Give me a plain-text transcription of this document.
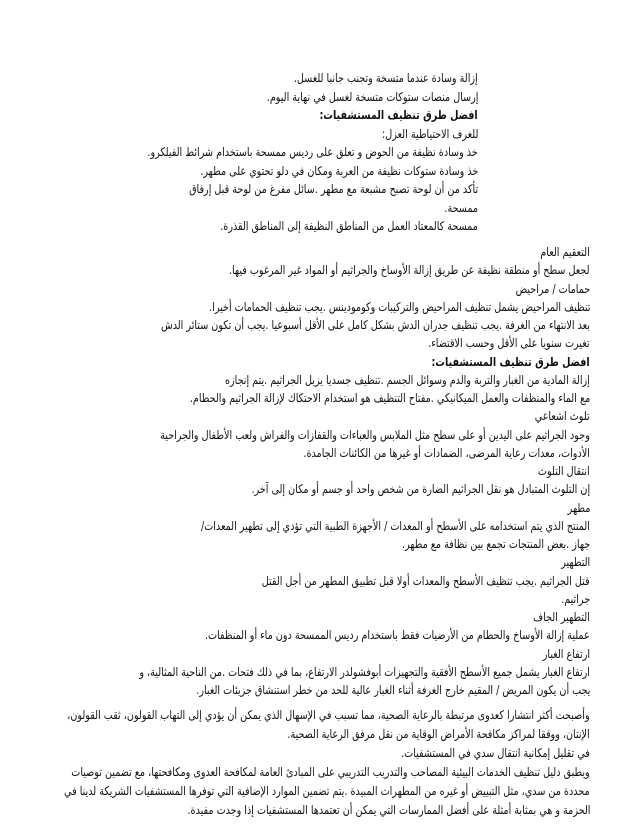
إزالة وسادة عندما متسخة وتجنب جانبا للغسل.
إرسال منصات ستوكات متسخة لغسل في نهاية اليوم.
افضل طرق تنظيف المستشفيات:
للغرف الاحتياطية العزل:
خذ وسادة نظيفة من الحوض و تعلق على رديس ممسحة باستخدام شرائط الفيلكرو.
خذ وسادة ستوكات نظيفة من العربة ومكان في دلو تحتوي على مطهر.
تأكد من أن لوحة تصبح مشبعة مع مطهر .سائل مفرغ من لوحة قبل إرفاق
ممسحة.
ممسحة كالمعتاد العمل من المناطق النظيفة إلى المناطق القذرة.
التعقيم العام
لجعل سطح أو منطقة نظيفة عن طريق إزالة الأوساخ والجراثيم أو المواد غير المرغوب فيها.
حمامات / مراحيض
تنظيف المراحيض يشمل تنظيف المراحيض والتركيبات وكومودينس .يجب تنظيف الحمامات أخيرا.
بعد الانتهاء من الغرفة .يجب تنظيف جدران الدش بشكل كامل على الأقل أسبوعيا .يجب أن تكون ستائر الدش
تغيرت سنويا على الأقل وحسب الاقتضاء.
افضل طرق تنظيف المستشفيات:
إزالة المادية من الغبار والتربة والدم وسوائل الجسم .تنظيف جسديا يزيل الجراثيم .يتم إنجازه
مع الماء والمنظفات والعمل الميكانيكي .مفتاح التنظيف هو استخدام الاحتكاك لإزالة الجراثيم والحطام.
تلوث اشعاعي
وجود الجراثيم على اليدين أو على سطح مثل الملابس والعباءات والقفازات والفراش ولعب الأطفال والجراحية
الأدوات، معدات رعاية المرضى، الضمادات أو غيرها من الكائنات الجامدة.
انتقال التلوث
إن التلوث المتبادل هو نقل الجراثيم الضارة من شخص واحد أو جسم أو مكان إلى آخر.
مطهر
المنتج الذي يتم استخدامه على الأسطح أو المعدات / الأجهزة الطبية التي تؤدي إلى تطهير المعدات/
جهاز .بعض المنتجات تجمع بين نظافة مع مطهر.
التطهير
قتل الجراثيم .يجب تنظيف الأسطح والمعدات أولا قبل تطبيق المطهر من أجل القتل
جراثيم.
التطهير الجاف
عملية إزالة الأوساخ والحطام من الأرضيات فقط باستخدام رديس الممسحة دون ماء أو المنظفات.
ارتفاع الغبار
ارتفاع الغبار يشمل جميع الأسطح الأفقية والتجهيزات أبوفشولدر الارتفاع، بما في ذلك فتحات .من الناحية المثالية، و
يجب أن يكون المريض / المقيم خارج الغرفة أثناء الغبار عالية للحد من خطر استنشاق جزيئات الغبار.
وأصبحت أكثر انتشارا كعدوى مرتبطة بالرعاية الصحية، مما تسبب في الإسهال الذي يمكن أن يؤدي إلى التهاب القولون، ثقب القولون،
الإنتان، ووفقا لمراكز مكافحة الأمراض الوقاية من نقل مرفق الرعاية الصحية.
في تقليل إمكانية انتقال سدي في المستشفيات.
ويطبق دليل تنظيف الخدمات البيئية المصاحب والتدريب التدريبي على المبادئ العامة لمكافحة العدوى ومكافحتها، مع تضمين توصيات
محددة من سدي، مثل التبييض أو غيره من المطهرات المبيدة .يتم تضمين الموارد الإضافية التي توفرها المستشفيات الشريكة لدينا في
الحزمة و هي بمثابة أمثلة على أفضل الممارسات التي يمكن أن تعتمدها المستشفيات إذا وجدت مفيدة.
